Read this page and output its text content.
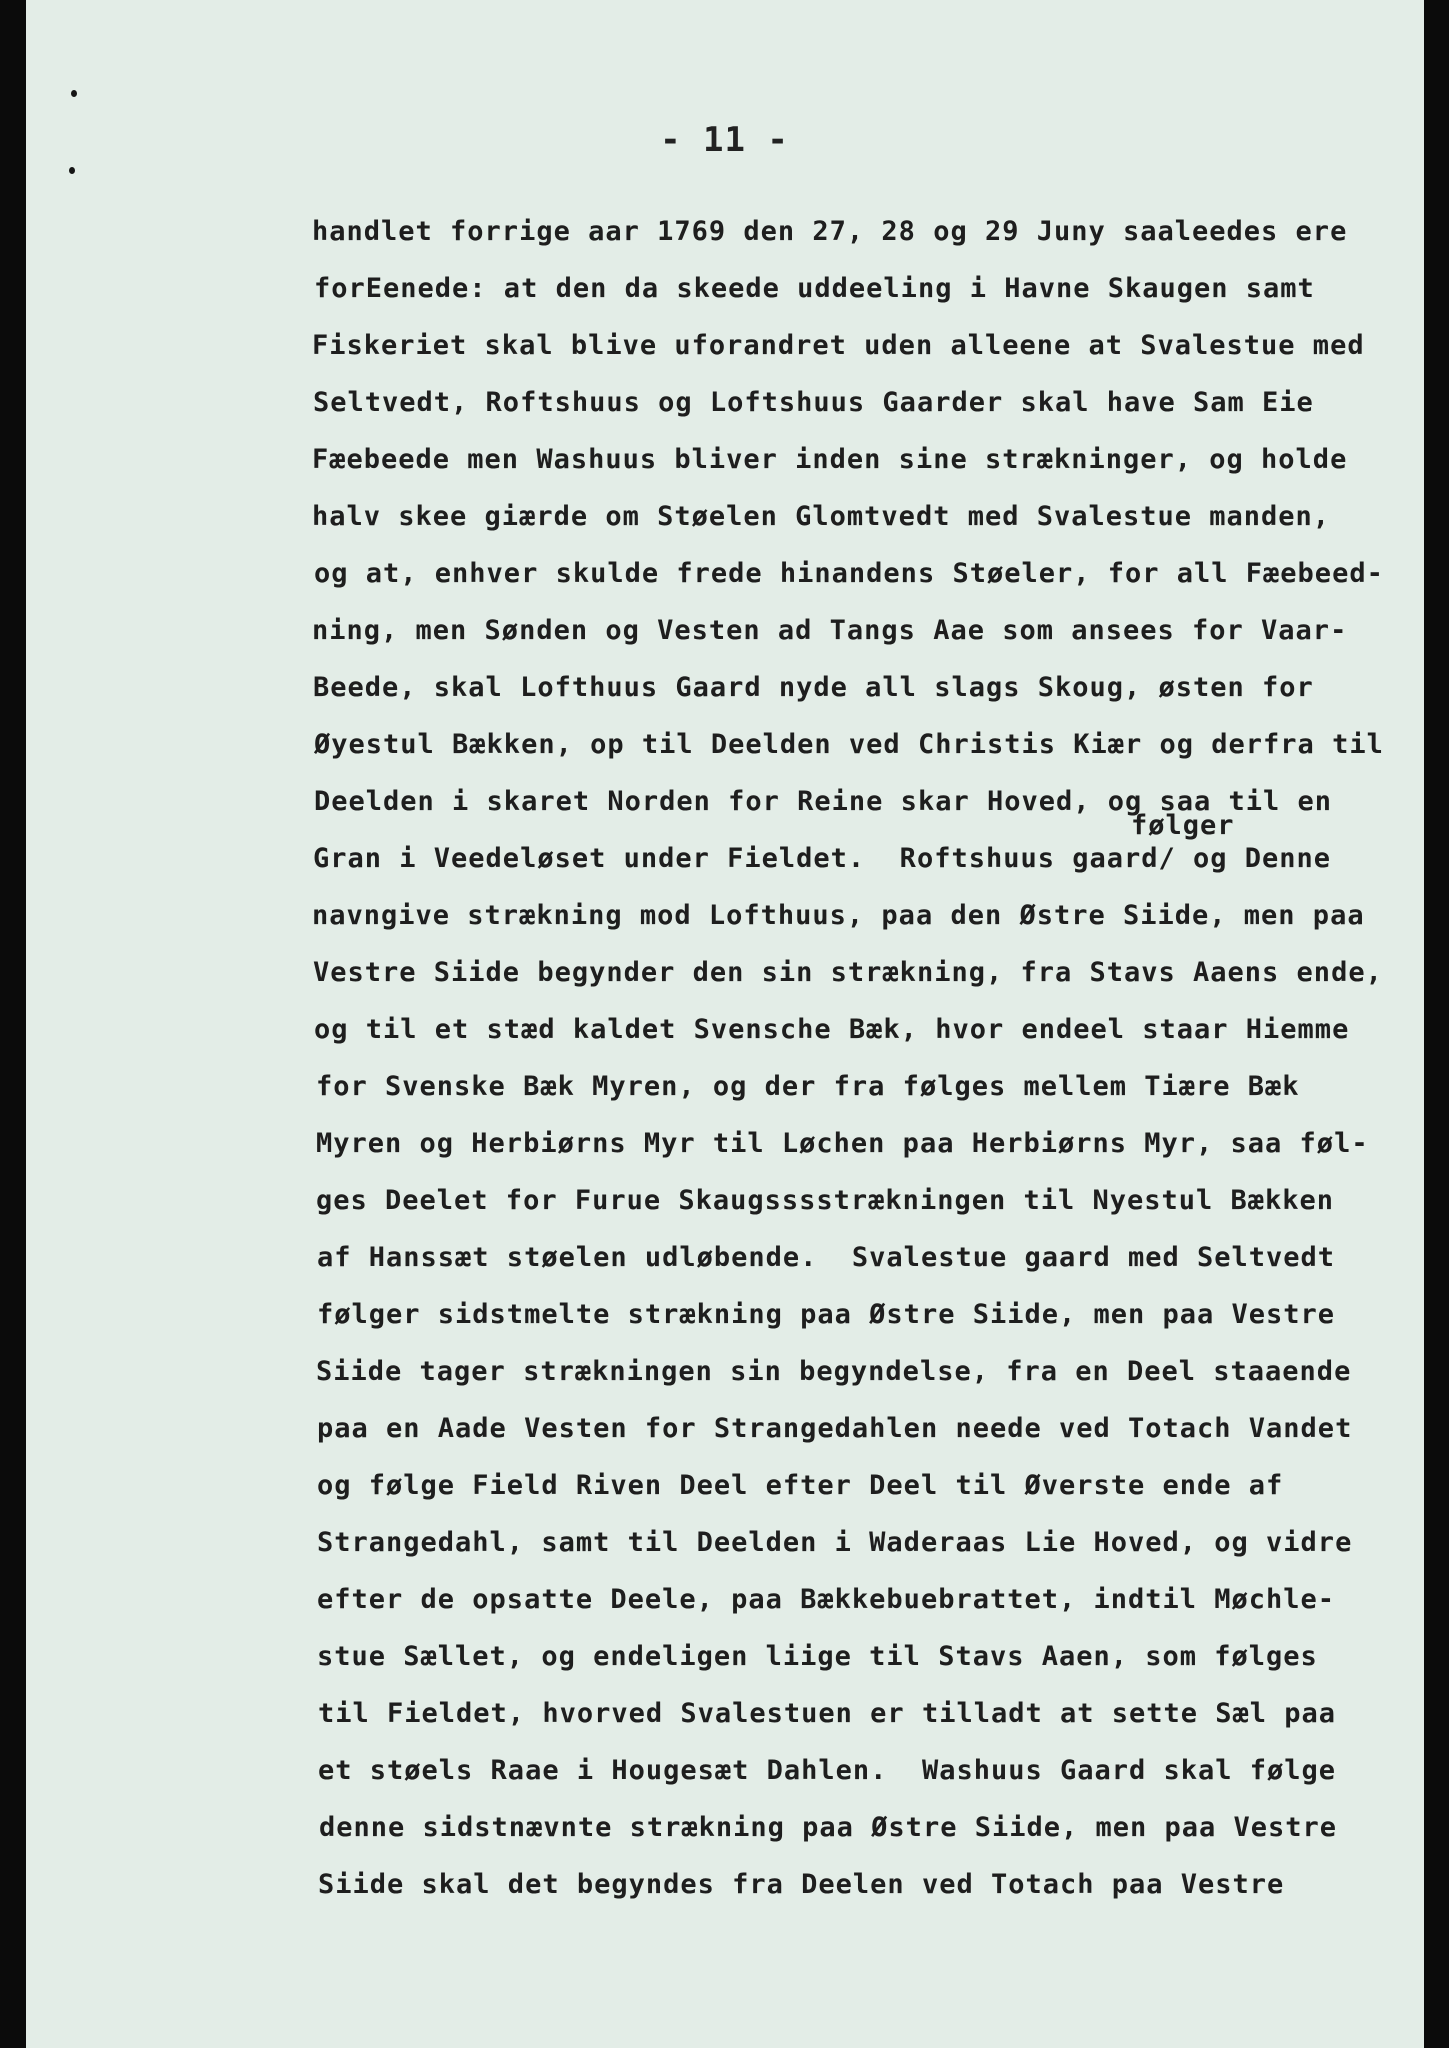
- 11 -
følger
handlet forrige aar 1769 den 27, 28 og 29 Juny saaleedes ere
forEenede: at den da skeede uddeeling i Havne Skaugen samt
Fiskeriet skal blive uforandret uden alleene at Svalestue med
Seltvedt, Roftshuus og Loftshuus Gaarder skal have Sam Eie
Fæebeede men Washuus bliver inden sine strækninger, og holde
halv skee giærde om Støelen Glomtvedt med Svalestue manden,
og at, enhver skulde frede hinandens Støeler, for all Fæebeed-
ning, men Sønden og Vesten ad Tangs Aae som ansees for Vaar-
Beede, skal Lofthuus Gaard nyde all slags Skoug, østen for
Øyestul Bækken, op til Deelden ved Christis Kiær og derfra til
Deelden i skaret Norden for Reine skar Hoved, og saa til en
Gran i Veedeløset under Fieldet.  Roftshuus gaard/ og Denne
navngive strækning mod Lofthuus, paa den Østre Siide, men paa
Vestre Siide begynder den sin strækning, fra Stavs Aaens ende,
og til et stæd kaldet Svensche Bæk, hvor endeel staar Hiemme
for Svenske Bæk Myren, og der fra følges mellem Tiære Bæk
Myren og Herbiørns Myr til Løchen paa Herbiørns Myr, saa føl-
ges Deelet for Furue Skaugsssstrækningen til Nyestul Bækken
af Hanssæt støelen udløbende.  Svalestue gaard med Seltvedt
følger sidstmelte strækning paa Østre Siide, men paa Vestre
Siide tager strækningen sin begyndelse, fra en Deel staaende
paa en Aade Vesten for Strangedahlen neede ved Totach Vandet
og følge Field Riven Deel efter Deel til Øverste ende af
Strangedahl, samt til Deelden i Waderaas Lie Hoved, og vidre
efter de opsatte Deele, paa Bækkebuebrattet, indtil Møchle-
stue Sællet, og endeligen liige til Stavs Aaen, som følges
til Fieldet, hvorved Svalestuen er tilladt at sette Sæl paa
et støels Raae i Hougesæt Dahlen.  Washuus Gaard skal følge
denne sidstnævnte strækning paa Østre Siide, men paa Vestre
Siide skal det begyndes fra Deelen ved Totach paa Vestre
